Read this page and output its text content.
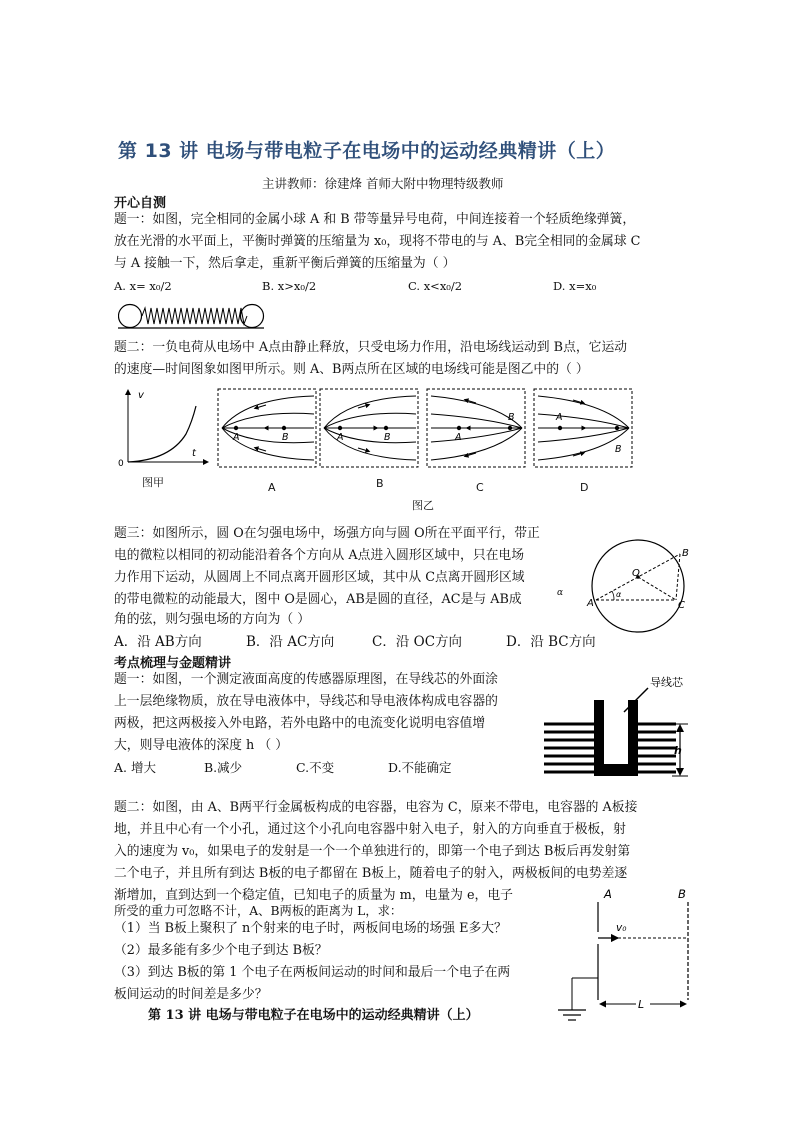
第 13 讲 电场与带电粒子在电场中的运动经典精讲（上）
主讲教师：徐建烽 首师大附中物理特级教师
开心自测
题一：如图，完全相同的金属小球 A 和 B 带等量异号电荷，中间连接着一个轻质绝缘弹簧，
放在光滑的水平面上，平衡时弹簧的压缩量为 x₀，现将不带电的与 A、B完全相同的金属球 C
与 A 接触一下，然后拿走，重新平衡后弹簧的压缩量为（ ）
A. x= x₀/2	B. x>x₀/2	C. x<x₀/2	D. x=x₀
题二：一负电荷从电场中 A点由静止释放，只受电场力作用，沿电场线运动到 B点，它运动
的速度—时间图象如图甲所示。则 A、B两点所在区域的电场线可能是图乙中的（ ）
v
t
0
图甲
A	B	A	B	A
B	A
B
A	B	C	D
图乙
题三：如图所示，圆 O在匀强电场中，场强方向与圆 O所在平面平行，带正
电的微粒以相同的初动能沿着各个方向从 A点进入圆形区域中，只在电场
力作用下运动，从圆周上不同点离开圆形区域，其中从 C点离开圆形区域
的带电微粒的动能最大，图中 O是圆心，AB是圆的直径，AC是与 AB成	α
角的弦，则匀强电场的方向为（ ）
A．沿 AB方向	B．沿 AC方向	C．沿 OC方向	D．沿 BC方向
A
B
C
O
α
考点梳理与金题精讲
题一：如图，一个测定液面高度的传感器原理图，在导线芯的外面涂
上一层绝缘物质，放在导电液体中，导线芯和导电液体构成电容器的
两极，把这两极接入外电路，若外电路中的电流变化说明电容值增
大，则导电液体的深度 h （ ）
A. 增大	B.减少	C.不变	D.不能确定
导线芯
h
题二：如图，由 A、B两平行金属板构成的电容器，电容为 C，原来不带电，电容器的 A板接
地，并且中心有一个小孔，通过这个小孔向电容器中射入电子，射入的方向垂直于极板，射
入的速度为 v₀，如果电子的发射是一个一个单独进行的，即第一个电子到达 B板后再发射第
二个电子，并且所有到达 B板的电子都留在 B板上，随着电子的射入，两极板间的电势差逐
渐增加，直到达到一个稳定值，已知电子的质量为 m，电量为 e，电子
所受的重力可忽略不计，A、B两板的距离为 L，求：
（1）当 B板上聚积了 n个射来的电子时，两板间电场的场强 E多大？
（2）最多能有多少个电子到达 B板？
（3）到达 B板的第 1 个电子在两板间运动的时间和最后一个电子在两
板间运动的时间差是多少？
A	B
v₀
L
第 13 讲 电场与带电粒子在电场中的运动经典精讲（上）
